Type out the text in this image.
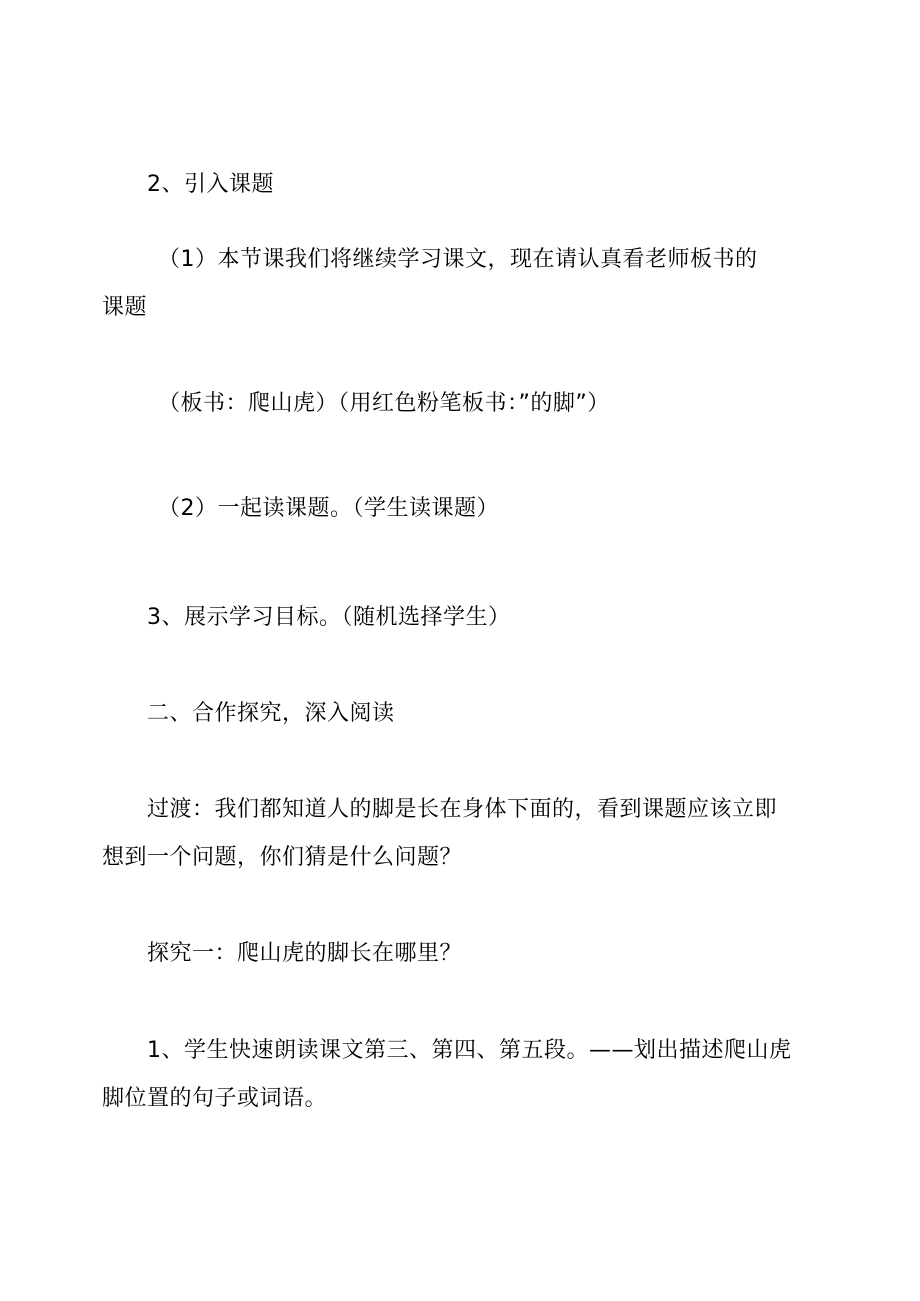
2、引入课题
（1）本节课我们将继续学习课文，现在请认真看老师板书的
课题
（板书：爬山虎）（用红色粉笔板书：”的脚”）
（2）一起读课题。（学生读课题）
3、展示学习目标。（随机选择学生）
二、合作探究，深入阅读
过渡：我们都知道人的脚是长在身体下面的，看到课题应该立即
想到一个问题，你们猜是什么问题？
探究一：爬山虎的脚长在哪里？
1、学生快速朗读课文第三、第四、第五段。——划出描述爬山虎
脚位置的句子或词语。
